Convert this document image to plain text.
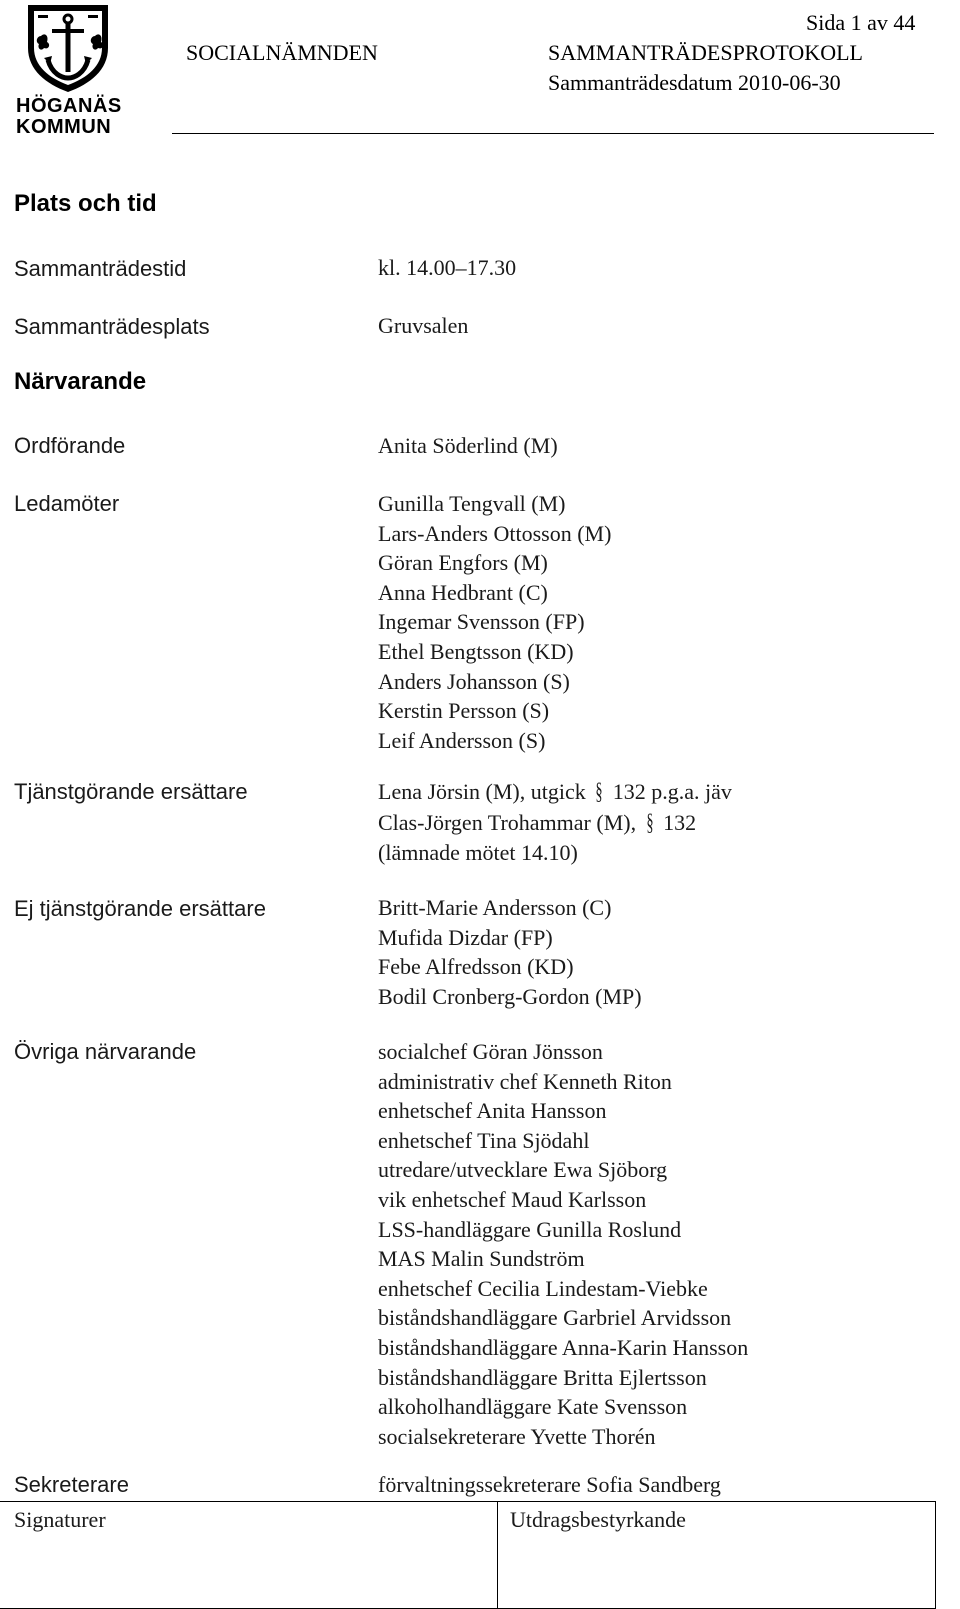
HÖGANÄS
KOMMUN
Sida 1 av 44
SOCIALNÄMNDEN	SAMMANTRÄDESPROTOKOLL
Sammanträdesdatum 2010-06-30
Plats och tid
Sammanträdestid	kl. 14.00–17.30
Sammanträdesplats	Gruvsalen
Närvarande
Ordförande	Anita Söderlind (M)
Ledamöter	Gunilla Tengvall (M)
Lars-Anders Ottosson (M)
Göran Engfors (M)
Anna Hedbrant (C)
Ingemar Svensson (FP)
Ethel Bengtsson (KD)
Anders Johansson (S)
Kerstin Persson (S)
Leif Andersson (S)
Tjänstgörande ersättare	Lena Jörsin (M), utgick § 132 p.g.a. jäv
Clas-Jörgen Trohammar (M), § 132
(lämnade mötet 14.10)
Ej tjänstgörande ersättare	Britt-Marie Andersson (C)
Mufida Dizdar (FP)
Febe Alfredsson (KD)
Bodil Cronberg-Gordon (MP)
Övriga närvarande	socialchef Göran Jönsson
administrativ chef Kenneth Riton
enhetschef Anita Hansson
enhetschef Tina Sjödahl
utredare/utvecklare Ewa Sjöborg
vik enhetschef Maud Karlsson
LSS-handläggare Gunilla Roslund
MAS Malin Sundström
enhetschef Cecilia Lindestam-Viebke
biståndshandläggare Garbriel Arvidsson
biståndshandläggare Anna-Karin Hansson
biståndshandläggare Britta Ejlertsson
alkoholhandläggare Kate Svensson
socialsekreterare Yvette Thorén
Sekreterare	förvaltningssekreterare Sofia Sandberg
Signaturer	Utdragsbestyrkande
